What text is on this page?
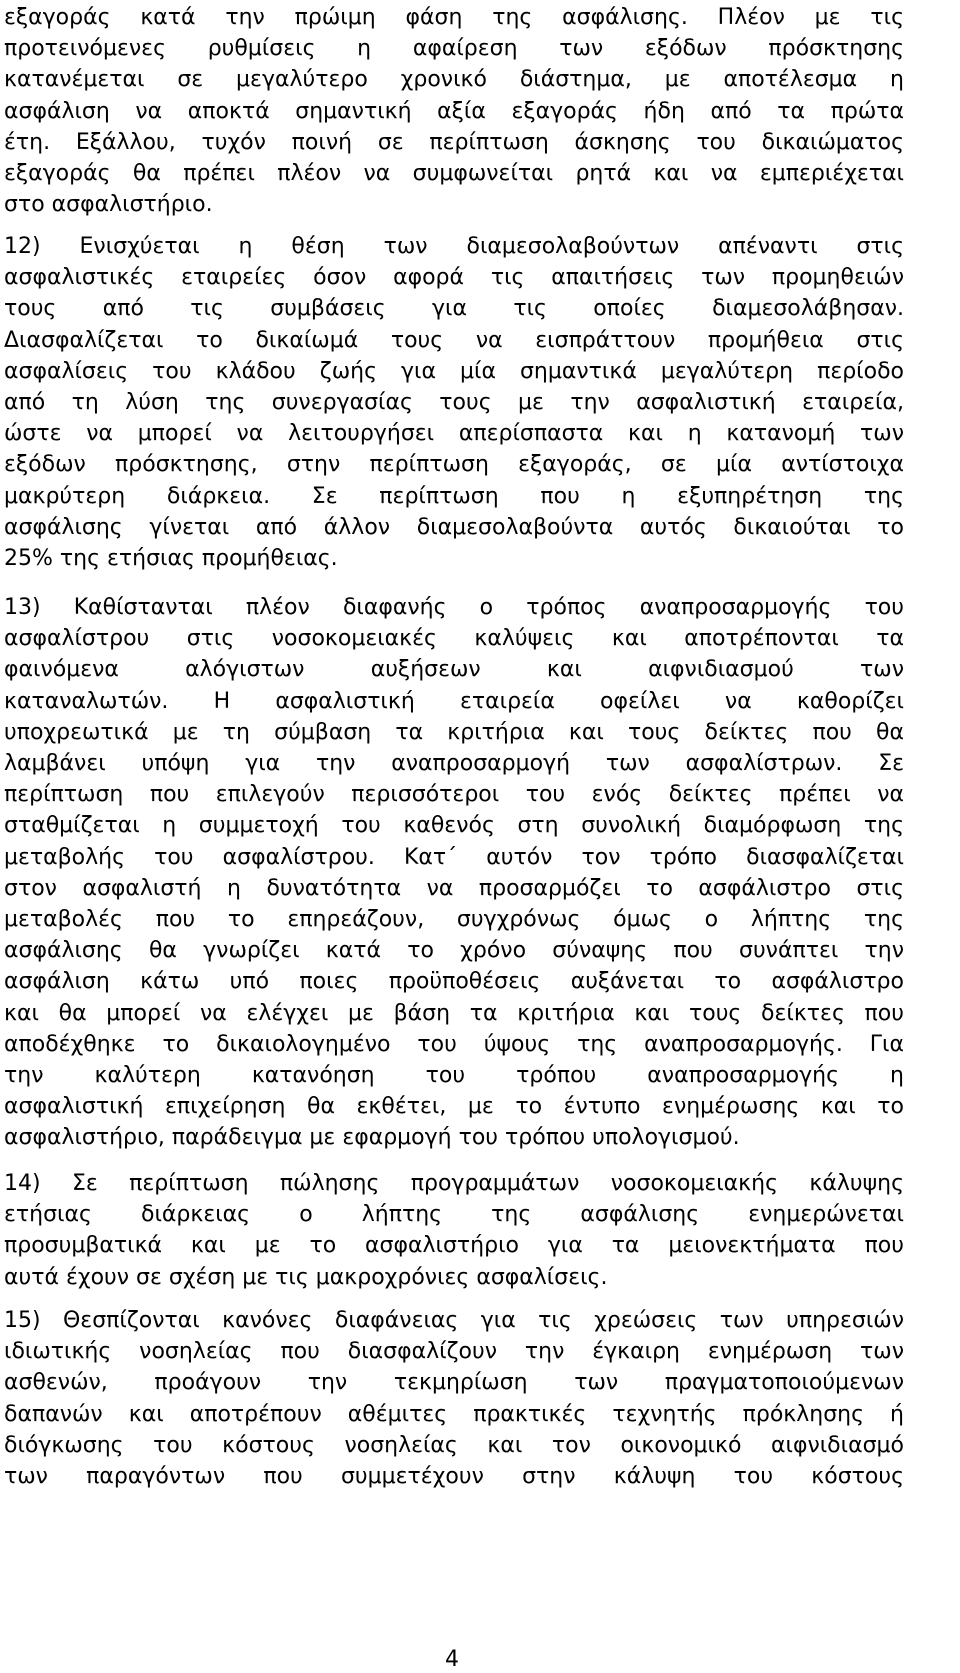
εξαγοράς κατά την πρώιμη φάση της ασφάλισης. Πλέον με τις
προτεινόμενες ρυθμίσεις η αφαίρεση των εξόδων πρόσκτησης
κατανέμεται σε μεγαλύτερο χρονικό διάστημα, με αποτέλεσμα η
ασφάλιση να αποκτά σημαντική αξία εξαγοράς ήδη από τα πρώτα
έτη. Εξάλλου, τυχόν ποινή σε περίπτωση άσκησης του δικαιώματος
εξαγοράς θα πρέπει πλέον να συμφωνείται ρητά και να εμπεριέχεται
στο ασφαλιστήριο.
12) Ενισχύεται η θέση των διαμεσολαβούντων απέναντι στις
ασφαλιστικές εταιρείες όσον αφορά τις απαιτήσεις των προμηθειών
τους από τις συμβάσεις για τις οποίες διαμεσολάβησαν.
Διασφαλίζεται το δικαίωμά τους να εισπράττουν προμήθεια στις
ασφαλίσεις του κλάδου ζωής για μία σημαντικά μεγαλύτερη περίοδο
από τη λύση της συνεργασίας τους με την ασφαλιστική εταιρεία,
ώστε να μπορεί να λειτουργήσει απερίσπαστα και η κατανομή των
εξόδων πρόσκτησης, στην περίπτωση εξαγοράς, σε μία αντίστοιχα
μακρύτερη διάρκεια. Σε περίπτωση που η εξυπηρέτηση της
ασφάλισης γίνεται από άλλον διαμεσολαβούντα αυτός δικαιούται το
25% της ετήσιας προμήθειας.
13) Καθίστανται πλέον διαφανής ο τρόπος αναπροσαρμογής του
ασφαλίστρου στις νοσοκομειακές καλύψεις και αποτρέπονται τα
φαινόμενα αλόγιστων αυξήσεων και αιφνιδιασμού των
καταναλωτών. Η ασφαλιστική εταιρεία οφείλει να καθορίζει
υποχρεωτικά με τη σύμβαση τα κριτήρια και τους δείκτες που θα
λαμβάνει υπόψη για την αναπροσαρμογή των ασφαλίστρων. Σε
περίπτωση που επιλεγούν περισσότεροι του ενός δείκτες πρέπει να
σταθμίζεται η συμμετοχή του καθενός στη συνολική διαμόρφωση της
μεταβολής του ασφαλίστρου. Κατ΄ αυτόν τον τρόπο διασφαλίζεται
στον ασφαλιστή η δυνατότητα να προσαρμόζει το ασφάλιστρο στις
μεταβολές που το επηρεάζουν, συγχρόνως όμως ο λήπτης της
ασφάλισης θα γνωρίζει κατά το χρόνο σύναψης που συνάπτει την
ασφάλιση κάτω υπό ποιες προϋποθέσεις αυξάνεται το ασφάλιστρο
και θα μπορεί να ελέγχει με βάση τα κριτήρια και τους δείκτες που
αποδέχθηκε το δικαιολογημένο του ύψους της αναπροσαρμογής. Για
την καλύτερη κατανόηση του τρόπου αναπροσαρμογής η
ασφαλιστική επιχείρηση θα εκθέτει, με το έντυπο ενημέρωσης και το
ασφαλιστήριο, παράδειγμα με εφαρμογή του τρόπου υπολογισμού.
14) Σε περίπτωση πώλησης προγραμμάτων νοσοκομειακής κάλυψης
ετήσιας διάρκειας ο λήπτης της ασφάλισης ενημερώνεται
προσυμβατικά και με το ασφαλιστήριο για τα μειονεκτήματα που
αυτά έχουν σε σχέση με τις μακροχρόνιες ασφαλίσεις.
15) Θεσπίζονται κανόνες διαφάνειας για τις χρεώσεις των υπηρεσιών
ιδιωτικής νοσηλείας που διασφαλίζουν την έγκαιρη ενημέρωση των
ασθενών, προάγουν την τεκμηρίωση των πραγματοποιούμενων
δαπανών και αποτρέπουν αθέμιτες πρακτικές τεχνητής πρόκλησης ή
διόγκωσης του κόστους νοσηλείας και τον οικονομικό αιφνιδιασμό
των παραγόντων που συμμετέχουν στην κάλυψη του κόστους

4
